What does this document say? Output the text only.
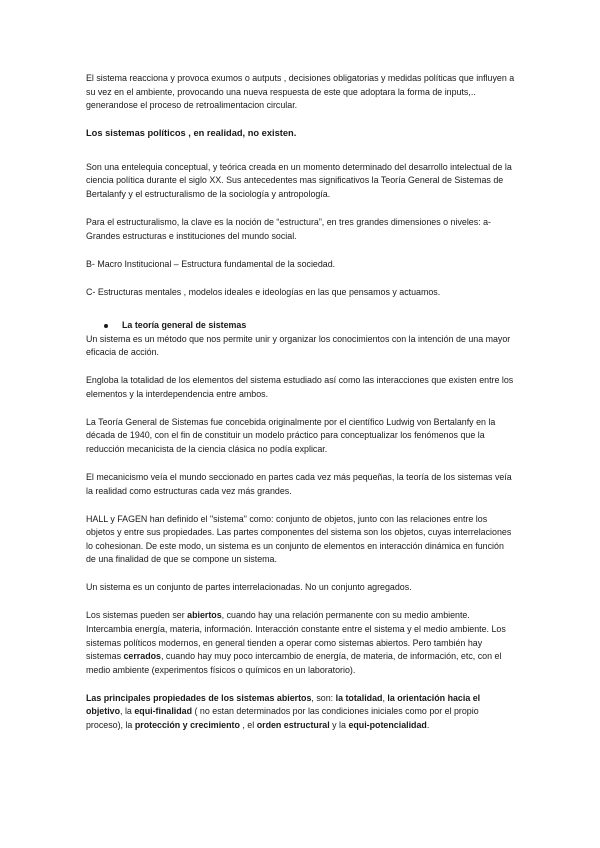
El sistema reacciona y provoca exumos o autputs , decisiones obligatorias y medidas políticas que influyen a su vez en el ambiente, provocando una nueva respuesta de este que adoptara la forma de inputs,.. generandose el proceso de retroalimentacion circular.

Los sistemas políticos , en realidad, no existen.

Son una entelequia conceptual, y teórica creada en un momento determinado del desarrollo intelectual de la ciencia política durante el siglo XX. Sus antecedentes mas significativos la Teoría General de Sistemas de Bertalanfy y el estructuralismo de la sociología y antropología.

Para el estructuralismo, la clave es la noción de “estructura”, en tres grandes dimensiones o niveles: a- Grandes estructuras e instituciones del mundo social.

B- Macro Institucional – Estructura fundamental de la sociedad.

C- Estructuras mentales , modelos ideales e ideologías en las que pensamos y actuamos.

La teoría general de sistemas

Un sistema es un método que nos permite unir y organizar los conocimientos con la intención de una mayor eficacia de acción.

Engloba la totalidad de los elementos del sistema estudiado así como las interacciones que existen entre los elementos y la interdependencia entre ambos.

La Teoría General de Sistemas fue concebida originalmente por el científico Ludwig von Bertalanfy en la década de 1940, con el fin de constituir un modelo práctico para conceptualizar los fenómenos que la reducción mecanicista de la ciencia clásica no podía explicar.

El mecanicismo veía el mundo seccionado en partes cada vez más pequeñas, la teoría de los sistemas veía la realidad como estructuras cada vez más grandes.

HALL y FAGEN han definido el "sistema" como: conjunto de objetos, junto con las relaciones entre los objetos y entre sus propiedades. Las partes componentes del sistema son los objetos, cuyas interrelaciones lo cohesionan. De este modo, un sistema es un conjunto de elementos en interacción dinámica en función de una finalidad de que se compone un sistema.

Un sistema es un conjunto de partes interrelacionadas. No un conjunto agregados.

Los sistemas pueden ser abiertos, cuando hay una relación permanente con su medio ambiente. Intercambia energía, materia, información. Interacción constante entre el sistema y el medio ambiente. Los sistemas políticos modernos, en general tienden a operar como sistemas abiertos. Pero también hay sistemas cerrados, cuando hay muy poco intercambio de energía, de materia, de información, etc, con el medio ambiente (experimentos físicos o químicos en un laboratorio).

Las principales propiedades de los sistemas abiertos, son: la totalidad, la orientación hacia el objetivo, la equi-finalidad ( no estan determinados por las condiciones iniciales como por el propio proceso), la protección y crecimiento , el orden estructural y la equi-potencialidad.
